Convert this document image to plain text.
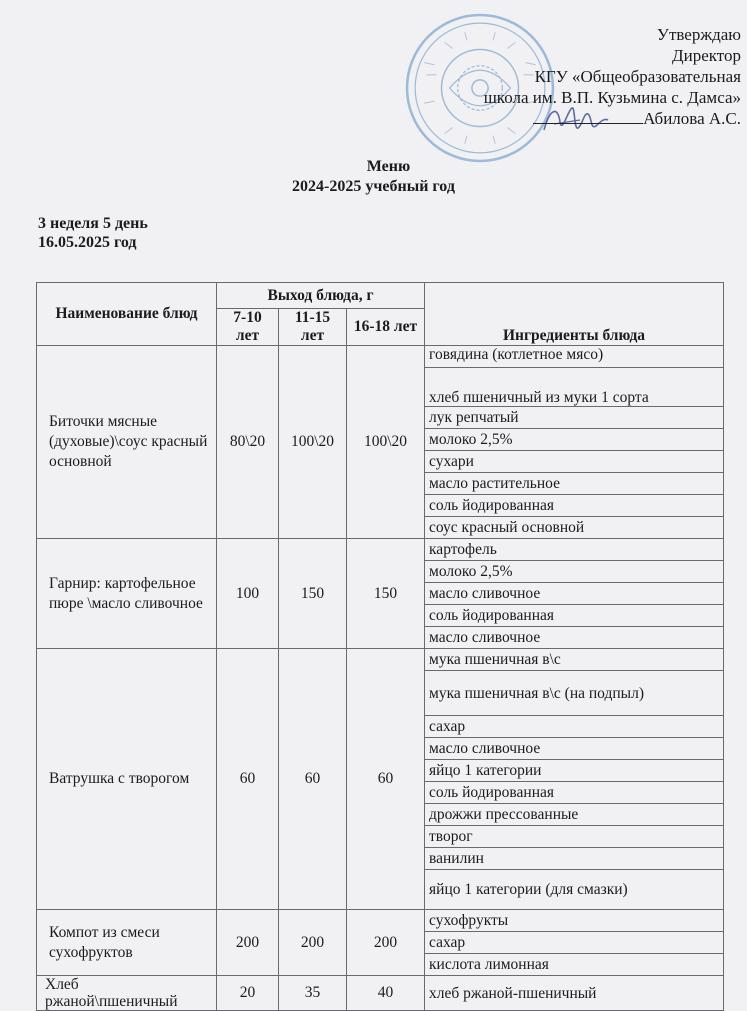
Утверждаю
Директор
КГУ «Общеобразовательная
школа им. В.П. Кузьмина с. Дамса»
Абилова А.С.
Меню
2024-2025 учебный год
3 неделя 5 день
16.05.2025 год
Наименование блюд	Выход блюда, г			Ингредиенты блюда
	7-10 лет	11-15 лет	16-18 лет	
Биточки мясные (духовые)\соус красный основной	80\20	100\20	100\20	говядина (котлетное мясо)
				хлеб пшеничный из муки 1 сорта
				лук репчатый
				молоко 2,5%
				сухари
				масло растительное
				соль йодированная
				соус красный основной
Гарнир: картофельное пюре \масло сливочное	100	150	150	картофель
				молоко 2,5%
				масло сливочное
				соль йодированная
				масло сливочное
Ватрушка с творогом	60	60	60	мука пшеничная в\с
				мука пшеничная в\с (на подпыл)
				сахар
				масло сливочное
				яйцо 1 категории
				соль йодированная
				дрожжи прессованные
				творог
				ванилин
				яйцо 1 категории (для смазки)
Компот из смеси сухофруктов	200	200	200	сухофрукты
				сахар
				кислота лимонная
Хлеб ржаной\пшеничный	20	35	40	хлеб ржаной-пшеничный
